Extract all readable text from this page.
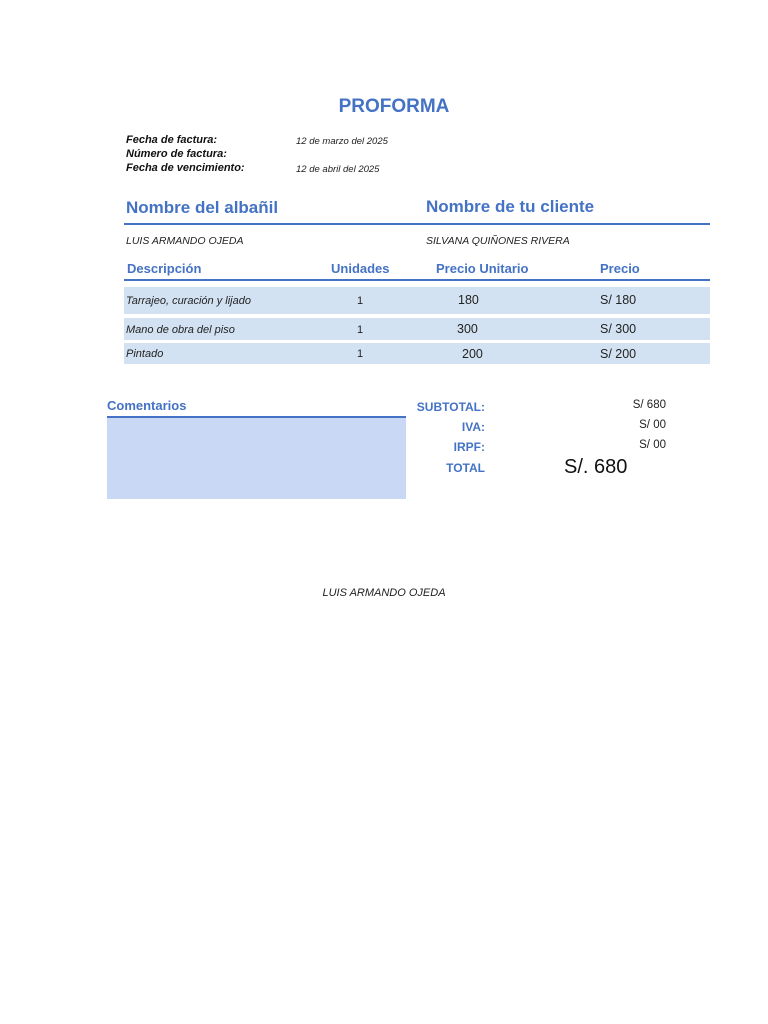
PROFORMA
Fecha de factura:	12 de marzo del 2025
Número de factura:
Fecha de vencimiento:	12 de abril del 2025
Nombre del albañil	Nombre de tu cliente
LUIS ARMANDO OJEDA	SILVANA QUIÑONES RIVERA
Descripción	Unidades	Precio Unitario	Precio
Tarrajeo, curación y lijado	1	180	S/ 180
Mano de obra del piso	1	300	S/ 300
Pintado	1	200	S/ 200
Comentarios	SUBTOTAL:	S/ 680
IVA:	S/ 00
IRPF:	S/ 00
TOTAL	S/. 680
LUIS ARMANDO OJEDA
